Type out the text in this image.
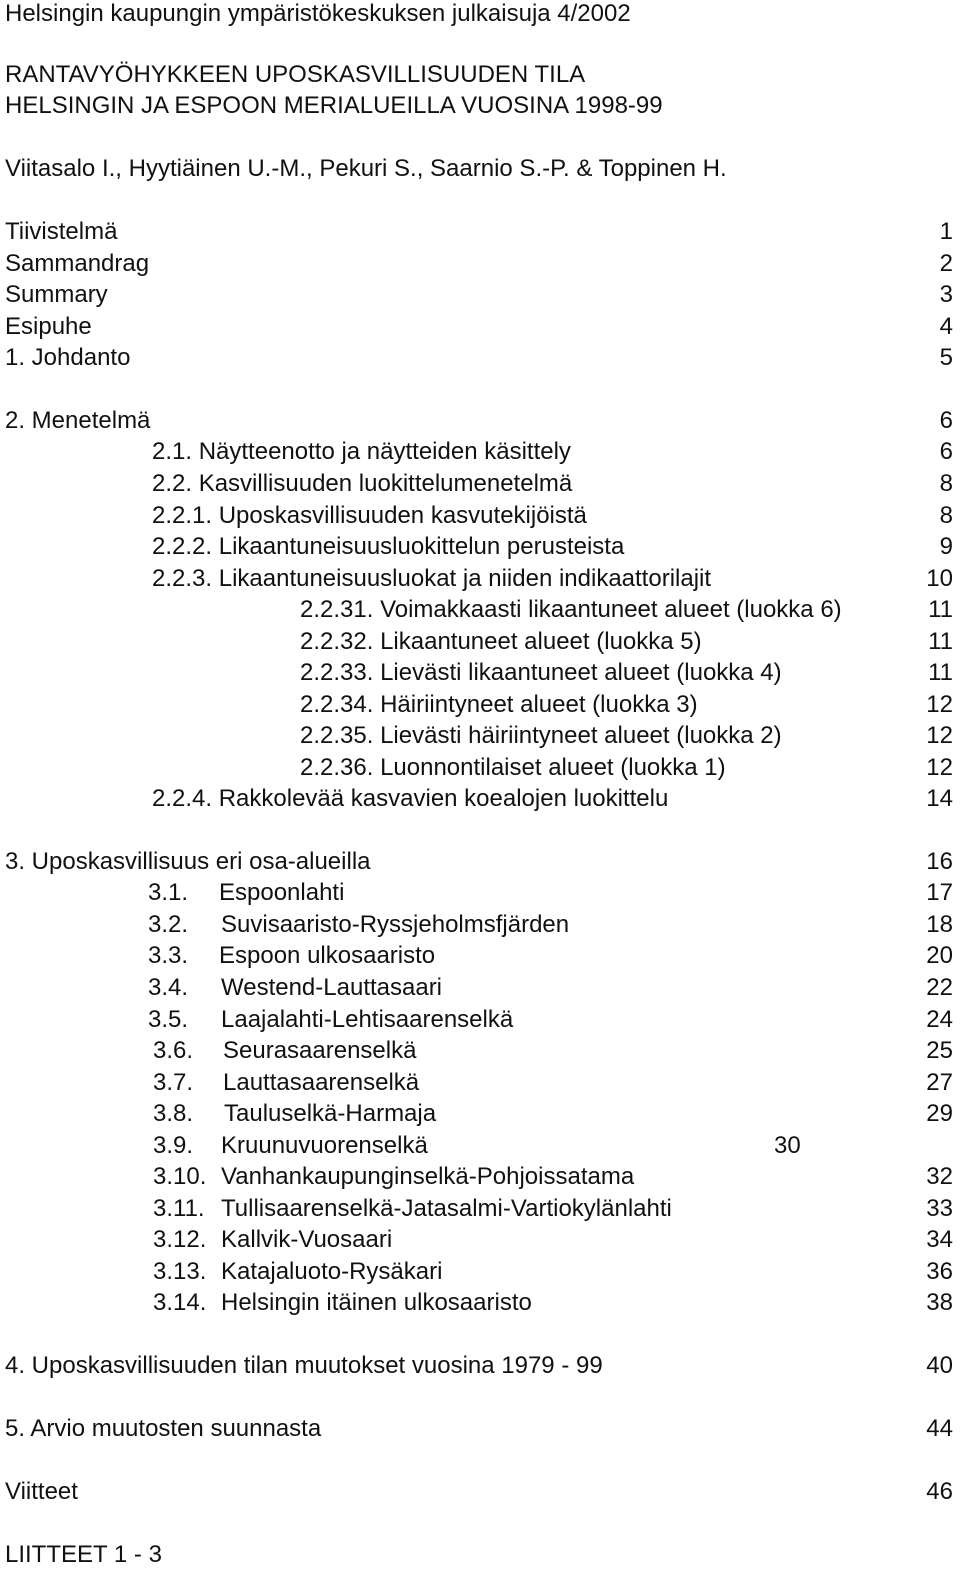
Helsingin kaupungin ympäristökeskuksen julkaisuja 4/2002
RANTAVYÖHYKKEEN UPOSKASVILLISUUDEN TILA
HELSINGIN JA ESPOON MERIALUEILLA VUOSINA 1998-99
Viitasalo I., Hyytiäinen U.-M., Pekuri S., Saarnio S.-P. & Toppinen H.
Tiivistelmä	1
Sammandrag	2
Summary	3
Esipuhe	4
1. Johdanto	5
2. Menetelmä	6
2.1. Näytteenotto ja näytteiden käsittely	6
2.2. Kasvillisuuden luokittelumenetelmä	8
2.2.1. Uposkasvillisuuden kasvutekijöistä	8
2.2.2. Likaantuneisuusluokittelun perusteista	9
2.2.3. Likaantuneisuusluokat ja niiden indikaattorilajit	10
2.2.31. Voimakkaasti likaantuneet alueet (luokka 6)	11
2.2.32. Likaantuneet alueet (luokka 5)	11
2.2.33. Lievästi likaantuneet alueet (luokka 4)	11
2.2.34. Häiriintyneet alueet (luokka 3)	12
2.2.35. Lievästi häiriintyneet alueet (luokka 2)	12
2.2.36. Luonnontilaiset alueet (luokka 1)	12
2.2.4. Rakkolevää kasvavien koealojen luokittelu	14
3. Uposkasvillisuus eri osa-alueilla	16
3.1. Espoonlahti	17
3.2. Suvisaaristo-Ryssjeholmsfjärden	18
3.3. Espoon ulkosaaristo	20
3.4. Westend-Lauttasaari	22
3.5. Laajalahti-Lehtisaarenselkä	24
3.6. Seurasaarenselkä	25
3.7. Lauttasaarenselkä	27
3.8. Tauluselkä-Harmaja	29
3.9. Kruunuvuorenselkä	30
3.10. Vanhankaupunginselkä-Pohjoissatama	32
3.11. Tullisaarenselkä-Jatasalmi-Vartiokylänlahti	33
3.12. Kallvik-Vuosaari	34
3.13. Katajaluoto-Rysäkari	36
3.14. Helsingin itäinen ulkosaaristo	38
4. Uposkasvillisuuden tilan muutokset vuosina 1979 - 99	40
5. Arvio muutosten suunnasta	44
Viitteet	46
LIITTEET 1 - 3
